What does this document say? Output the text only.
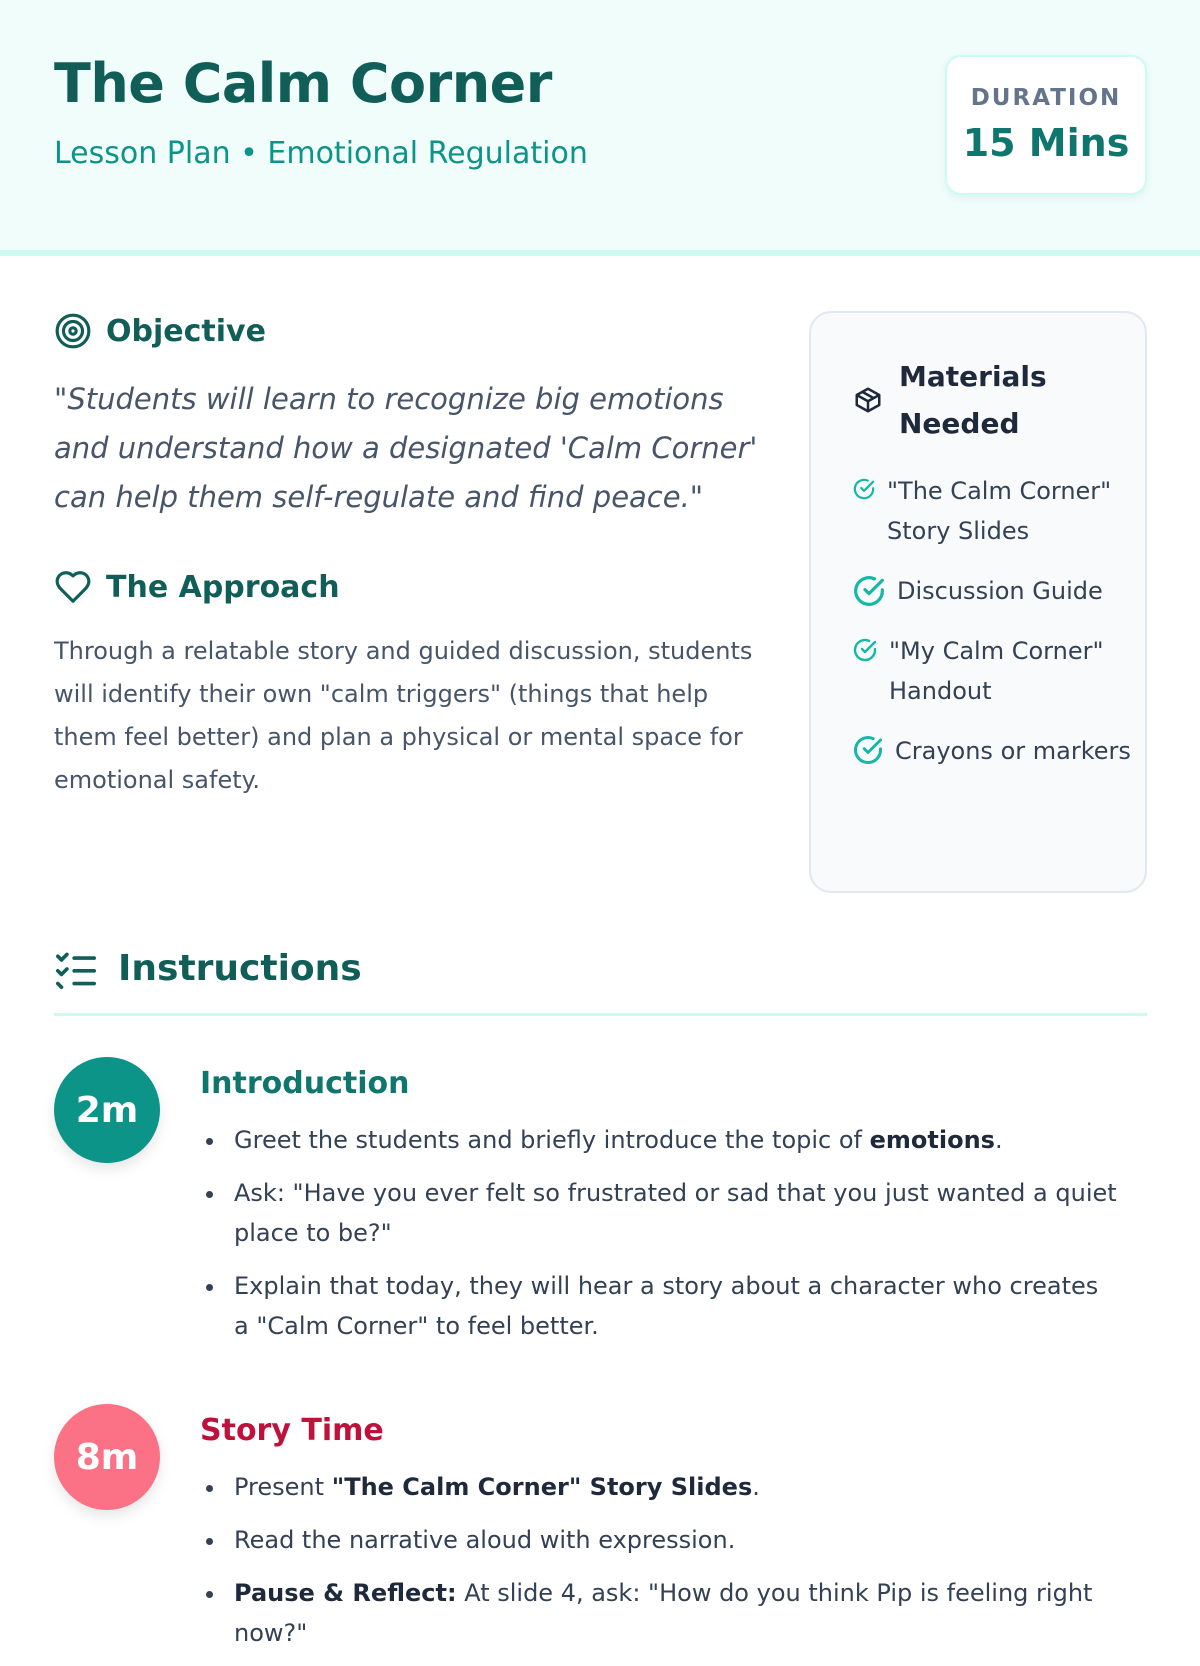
The Calm Corner
Lesson Plan • Emotional Regulation
DURATION
15 Mins
Objective
"Students will learn to recognize big emotions and understand how a designated 'Calm Corner' can help them self-regulate and find peace."
The Approach
Through a relatable story and guided discussion, students will identify their own "calm triggers" (things that help them feel better) and plan a physical or mental space for emotional safety.
Materials Needed
"The Calm Corner" Story Slides
Discussion Guide
"My Calm Corner" Handout
Crayons or markers
Instructions
2m
Introduction
Greet the students and briefly introduce the topic of emotions.
Ask: "Have you ever felt so frustrated or sad that you just wanted a quiet place to be?"
Explain that today, they will hear a story about a character who creates a "Calm Corner" to feel better.
8m
Story Time
Present "The Calm Corner" Story Slides.
Read the narrative aloud with expression.
Pause & Reflect: At slide 4, ask: "How do you think Pip is feeling right now?"
